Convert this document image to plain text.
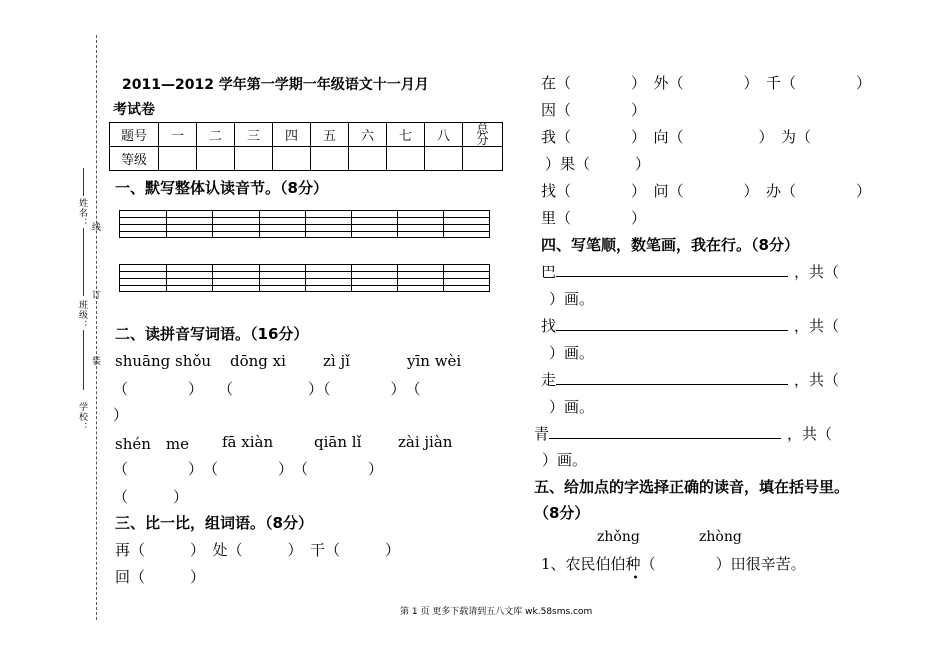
姓名： 线
班级：
订
装
学校：
2011—2012 学年第一学期一年级语文十一月月
考试卷
题号	一	二	三	四	五	六	七	八	总
分
等级									
一、默写整体认读音节。（8分）
二、读拼音写词语。（16分）
shuāng shǒu dōng xi zì jǐ	yīn wèi
（　　　　）　　（　　　　　）（　　　　）　（
）
shén　me fā xiàn	qiān lǐ zài jiàn
（　　　　）　（　　　　）　（　　　　）
（　　　）
三、比一比，组词语。（8分）
再（　　　）　处（　　　）　干（　　　）
回（　　　）
在（　　　　）　外（　　　　）　千（　　　　）
因（　　　　）
我（　　　　）　向（　　　　　）　为（
）果（　　　）
找（　　　　）　问（　　　　）　办（　　　　）
里（　　　　）
四、写笔顺，数笔画，我在行。（8分）
巴	，共（
）画。
找	，共（
）画。
走	，共（
）画。
青	，共（
）画。
五、给加点的字选择正确的读音，填在括号里。
（8分）
zhǒng	zhòng
1、农民伯伯种
•
（　　　　）田很辛苦。
第 1 页 更多下载请到五八文库 wk.58sms.com
